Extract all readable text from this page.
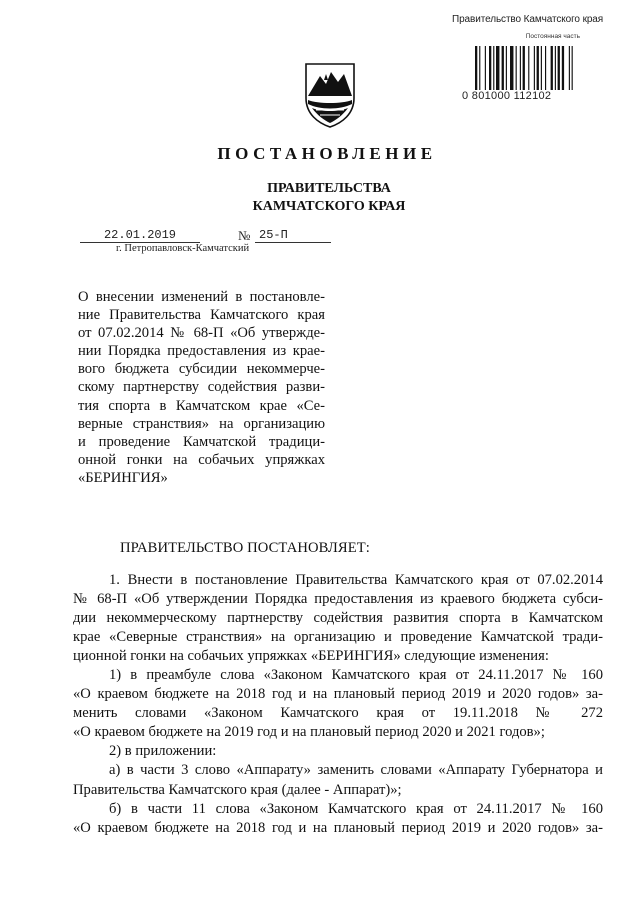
Правительство Камчатского края
Постоянная часть
0 801000 112102
ПОСТАНОВЛЕНИЕ
ПРАВИТЕЛЬСТВА
КАМЧАТСКОГО КРАЯ
22.01.2019	№ 25-П
г. Петропавловск-Камчатский
О внесении изменений в постановле-
ние Правительства Камчатского края
от 07.02.2014 № 68-П «Об утвержде-
нии Порядка предоставления из крае-
вого бюджета субсидии некоммерче-
скому партнерству содействия разви-
тия спорта в Камчатском крае «Се-
верные странствия» на организацию
и проведение Камчатской традици-
онной гонки на собачьих упряжках
«БЕРИНГИЯ»
ПРАВИТЕЛЬСТВО ПОСТАНОВЛЯЕТ:
1. Внести в постановление Правительства Камчатского края от 07.02.2014
№ 68-П «Об утверждении Порядка предоставления из краевого бюджета субси-
дии некоммерческому партнерству содействия развития спорта в Камчатском
крае «Северные странствия» на организацию и проведение Камчатской тради-
ционной гонки на собачьих упряжках «БЕРИНГИЯ» следующие изменения:
1) в преамбуле слова «Законом Камчатского края от 24.11.2017 № 160
«О краевом бюджете на 2018 год и на плановый период 2019 и 2020 годов» за-
менить словами «Законом Камчатского края от 19.11.2018 № 272
«О краевом бюджете на 2019 год и на плановый период 2020 и 2021 годов»;
2) в приложении:
а) в части 3 слово «Аппарату» заменить словами «Аппарату Губернатора и
Правительства Камчатского края (далее - Аппарат)»;
б) в части 11 слова «Законом Камчатского края от 24.11.2017 № 160
«О краевом бюджете на 2018 год и на плановый период 2019 и 2020 годов» за-
